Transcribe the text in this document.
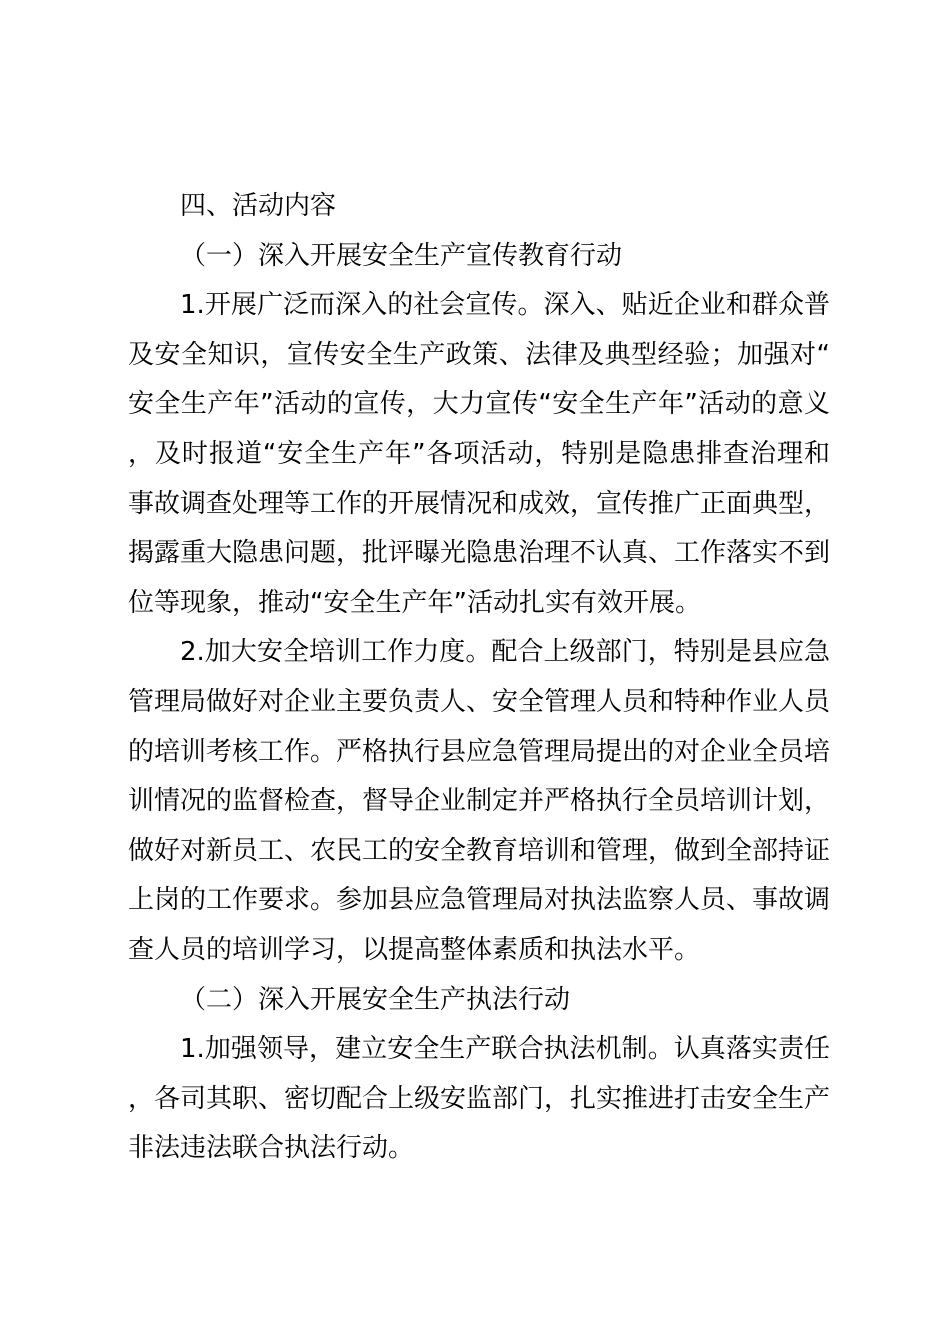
四、活动内容

（一）深入开展安全生产宣传教育行动

1.开展广泛而深入的社会宣传。深入、贴近企业和群众普及安全知识，宣传安全生产政策、法律及典型经验；加强对“安全生产年”活动的宣传，大力宣传“安全生产年”活动的意义，及时报道“安全生产年”各项活动，特别是隐患排查治理和事故调查处理等工作的开展情况和成效，宣传推广正面典型，揭露重大隐患问题，批评曝光隐患治理不认真、工作落实不到位等现象，推动“安全生产年”活动扎实有效开展。

2.加大安全培训工作力度。配合上级部门，特别是县应急管理局做好对企业主要负责人、安全管理人员和特种作业人员的培训考核工作。严格执行县应急管理局提出的对企业全员培训情况的监督检查，督导企业制定并严格执行全员培训计划，做好对新员工、农民工的安全教育培训和管理，做到全部持证上岗的工作要求。参加县应急管理局对执法监察人员、事故调查人员的培训学习，以提高整体素质和执法水平。

（二）深入开展安全生产执法行动

1.加强领导，建立安全生产联合执法机制。认真落实责任，各司其职、密切配合上级安监部门，扎实推进打击安全生产非法违法联合执法行动。
